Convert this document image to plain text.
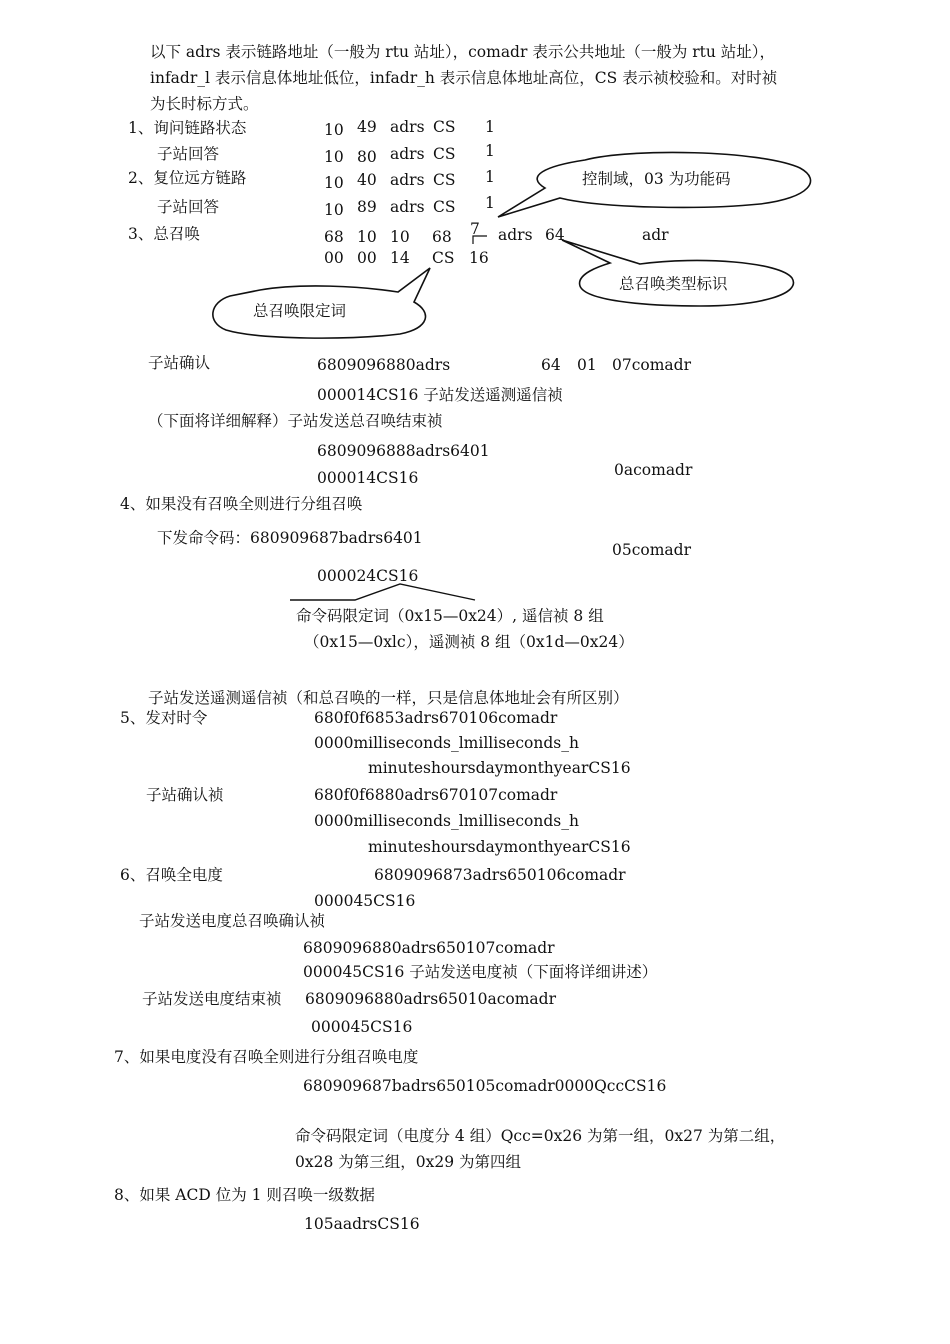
以下 adrs 表示链路地址（一般为 rtu 站址），comadr 表示公共地址（一般为 rtu 站址），
infadr_l 表示信息体地址低位，infadr_h 表示信息体地址高位，CS 表示祯校验和。对时祯
为长时标方式。
1、询问链路状态	10 49 adrs CS 1
子站回答	10 80 adrs CS 1
2、复位远方链路	10 40 adrs CS 1
子站回答	10 89 adrs CS 1
3、总召唤	68 10 10 68 7 adrs 64	adr
00 00 14 CS 16
控制域，03 为功能码
总召唤类型标识
总召唤限定词
子站确认	6809096880adrs	64 01 07comadr
000014CS16 子站发送遥测遥信祯
（下面将详细解释）子站发送总召唤结束祯
6809096888adrs6401
000014CS16	0acomadr
4、如果没有召唤全则进行分组召唤
下发命令码：680909687badrs6401
05comadr
000024CS16
命令码限定词（0x15—0x24）, 遥信祯 8 组
（0x15—0xlc），遥测祯 8 组（0x1d—0x24）
子站发送遥测遥信祯（和总召唤的一样，只是信息体地址会有所区别）
5、发对时令	680f0f6853adrs670106comadr
0000milliseconds_lmilliseconds_h
minuteshoursdaymonthyearCS16
子站确认祯	680f0f6880adrs670107comadr
0000milliseconds_lmilliseconds_h
minuteshoursdaymonthyearCS16
6、召唤全电度	6809096873adrs650106comadr
000045CS16
子站发送电度总召唤确认祯
6809096880adrs650107comadr
000045CS16 子站发送电度祯（下面将详细讲述）
子站发送电度结束祯 6809096880adrs65010acomadr
000045CS16
7、如果电度没有召唤全则进行分组召唤电度
680909687badrs650105comadr0000QccCS16
命令码限定词（电度分 4 组）Qcc=0x26 为第一组，0x27 为第二组，
0x28 为第三组，0x29 为第四组
8、如果 ACD 位为 1 则召唤一级数据
105aadrsCS16
